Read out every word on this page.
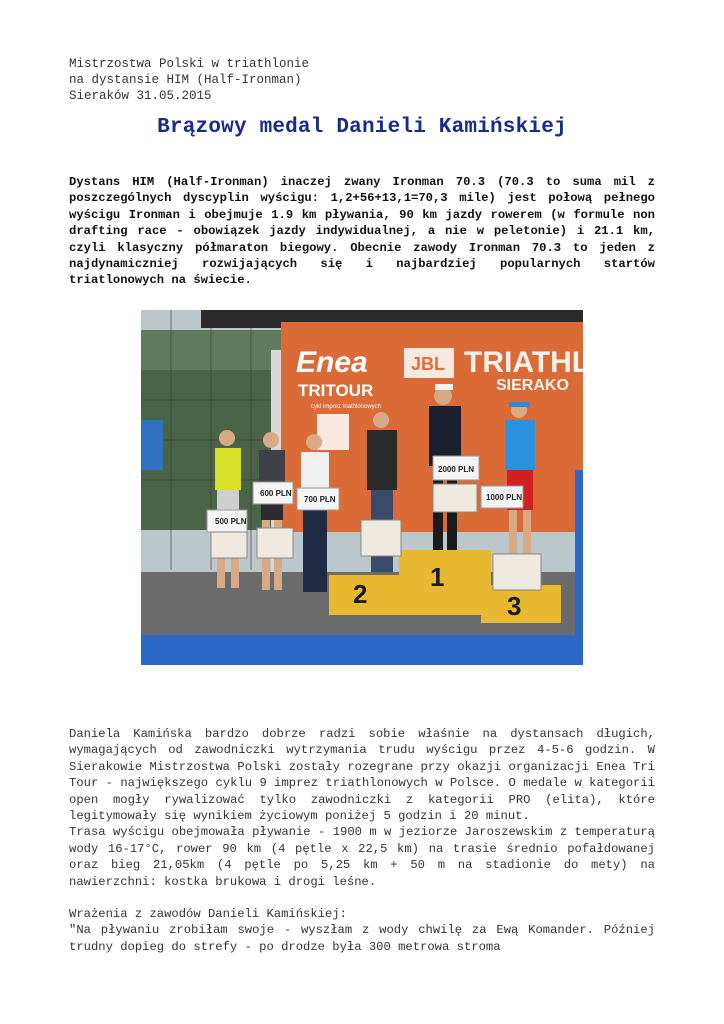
Mistrzostwa Polski w triathlonie
na dystansie HIM (Half-Ironman)
Sieraków 31.05.2015
Brązowy medal Danieli Kamińskiej
Dystans HIM (Half-Ironman) inaczej zwany Ironman 70.3 (70.3 to suma mil z poszczególnych dyscyplin wyścigu: 1,2+56+13,1=70,3 mile) jest połową pełnego wyścigu Ironman i obejmuje 1.9 km pływania, 90 km jazdy rowerem (w formule non drafting race - obowiązek jazdy indywidualnej, a nie w peletonie) i 21.1 km, czyli klasyczny półmaraton biegowy. Obecnie zawody Ironman 70.3 to jeden z najdynamiczniej rozwijających się i najbardziej popularnych startów triatlonowych na świecie.
Enea
TRITOUR
cykl imprez triathlonowych
JBL TRIATHLO
SIERAKO
1
2	3
500 PLN
600 PLN
700 PLN
2000 PLN
1000 PLN

Daniela Kamińska bardzo dobrze radzi sobie właśnie na dystansach długich, wymagających od zawodniczki wytrzymania trudu wyścigu przez 4-5-6 godzin. W Sierakowie Mistrzostwa Polski zostały rozegrane przy okazji organizacji Enea Tri Tour - największego cyklu 9 imprez triathlonowych w Polsce. O medale w kategorii open mogły rywalizować tylko zawodniczki z kategorii PRO (elita), które legitymowały się wynikiem życiowym poniżej 5 godzin i 20 minut.

Trasa wyścigu obejmowała pływanie - 1900 m w jeziorze Jaroszewskim z temperaturą wody 16-17°C, rower 90 km (4 pętle x 22,5 km) na trasie średnio pofałdowanej oraz bieg 21,05km (4 pętle po 5,25 km + 50 m na stadionie do mety) na nawierzchni: kostka brukowa i drogi leśne.

Wrażenia z zawodów Danieli Kamińskiej:

"Na pływaniu zrobiłam swoje - wyszłam z wody chwilę za Ewą Komander. Później trudny dopieg do strefy - po drodze była 300 metrowa stroma
